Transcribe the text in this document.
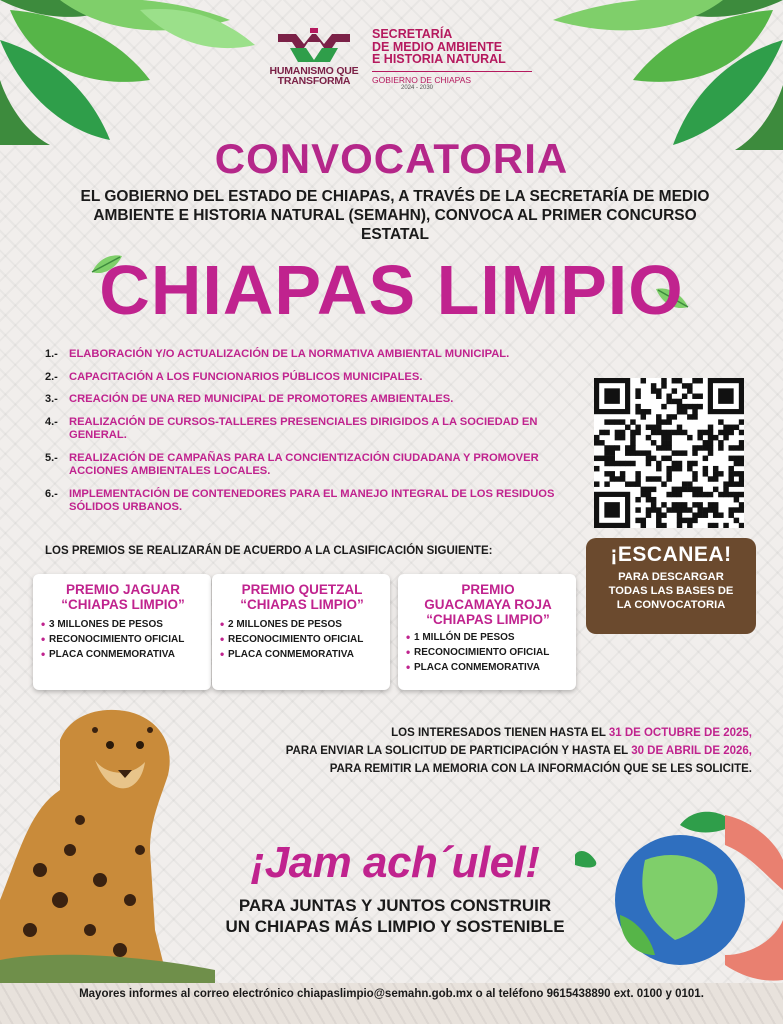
HUMANISMO QUE
TRANSFORMA
SECRETARÍA
DE MEDIO AMBIENTE
E HISTORIA NATURAL
GOBIERNO DE CHIAPAS
2024 - 2030
CONVOCATORIA
EL GOBIERNO DEL ESTADO DE CHIAPAS, A TRAVÉS DE LA SECRETARÍA DE MEDIO
AMBIENTE E HISTORIA NATURAL (SEMAHN), CONVOCA AL PRIMER CONCURSO ESTATAL
CHIAPAS LIMPIO
1.- ELABORACIÓN Y/O ACTUALIZACIÓN DE LA NORMATIVA AMBIENTAL MUNICIPAL.
2.- CAPACITACIÓN A LOS FUNCIONARIOS PÚBLICOS MUNICIPALES.
3.- CREACIÓN DE UNA RED MUNICIPAL DE PROMOTORES AMBIENTALES.
4.- REALIZACIÓN DE CURSOS-TALLERES PRESENCIALES DIRIGIDOS A LA SOCIEDAD EN GENERAL.
5.- REALIZACIÓN DE CAMPAÑAS PARA LA CONCIENTIZACIÓN CIUDADANA Y PROMOVER ACCIONES AMBIENTALES LOCALES.
6.- IMPLEMENTACIÓN DE CONTENEDORES PARA EL MANEJO INTEGRAL DE LOS RESIDUOS SÓLIDOS URBANOS.
¡ESCANEA!
PARA DESCARGAR
TODAS LAS BASES DE
LA CONVOCATORIA
LOS PREMIOS SE REALIZARÁN DE ACUERDO A LA CLASIFICACIÓN SIGUIENTE:
PREMIO JAGUAR
“CHIAPAS LIMPIO”
• 3 MILLONES DE PESOS
• RECONOCIMIENTO OFICIAL
• PLACA CONMEMORATIVA
PREMIO QUETZAL
“CHIAPAS LIMPIO”
• 2 MILLONES DE PESOS
• RECONOCIMIENTO OFICIAL
• PLACA CONMEMORATIVA
PREMIO
GUACAMAYA ROJA
“CHIAPAS LIMPIO”
• 1 MILLÓN DE PESOS
• RECONOCIMIENTO OFICIAL
• PLACA CONMEMORATIVA
LOS INTERESADOS TIENEN HASTA EL 31 DE OCTUBRE DE 2025,
PARA ENVIAR LA SOLICITUD DE PARTICIPACIÓN Y HASTA EL 30 DE ABRIL DE 2026,
PARA REMITIR LA MEMORIA CON LA INFORMACIÓN QUE SE LES SOLICITE.
¡Jam ach´ulel!
PARA JUNTAS Y JUNTOS CONSTRUIR
UN CHIAPAS MÁS LIMPIO Y SOSTENIBLE
Mayores informes al correo electrónico chiapaslimpio@semahn.gob.mx o al teléfono 9615438890 ext. 0100 y 0101.
